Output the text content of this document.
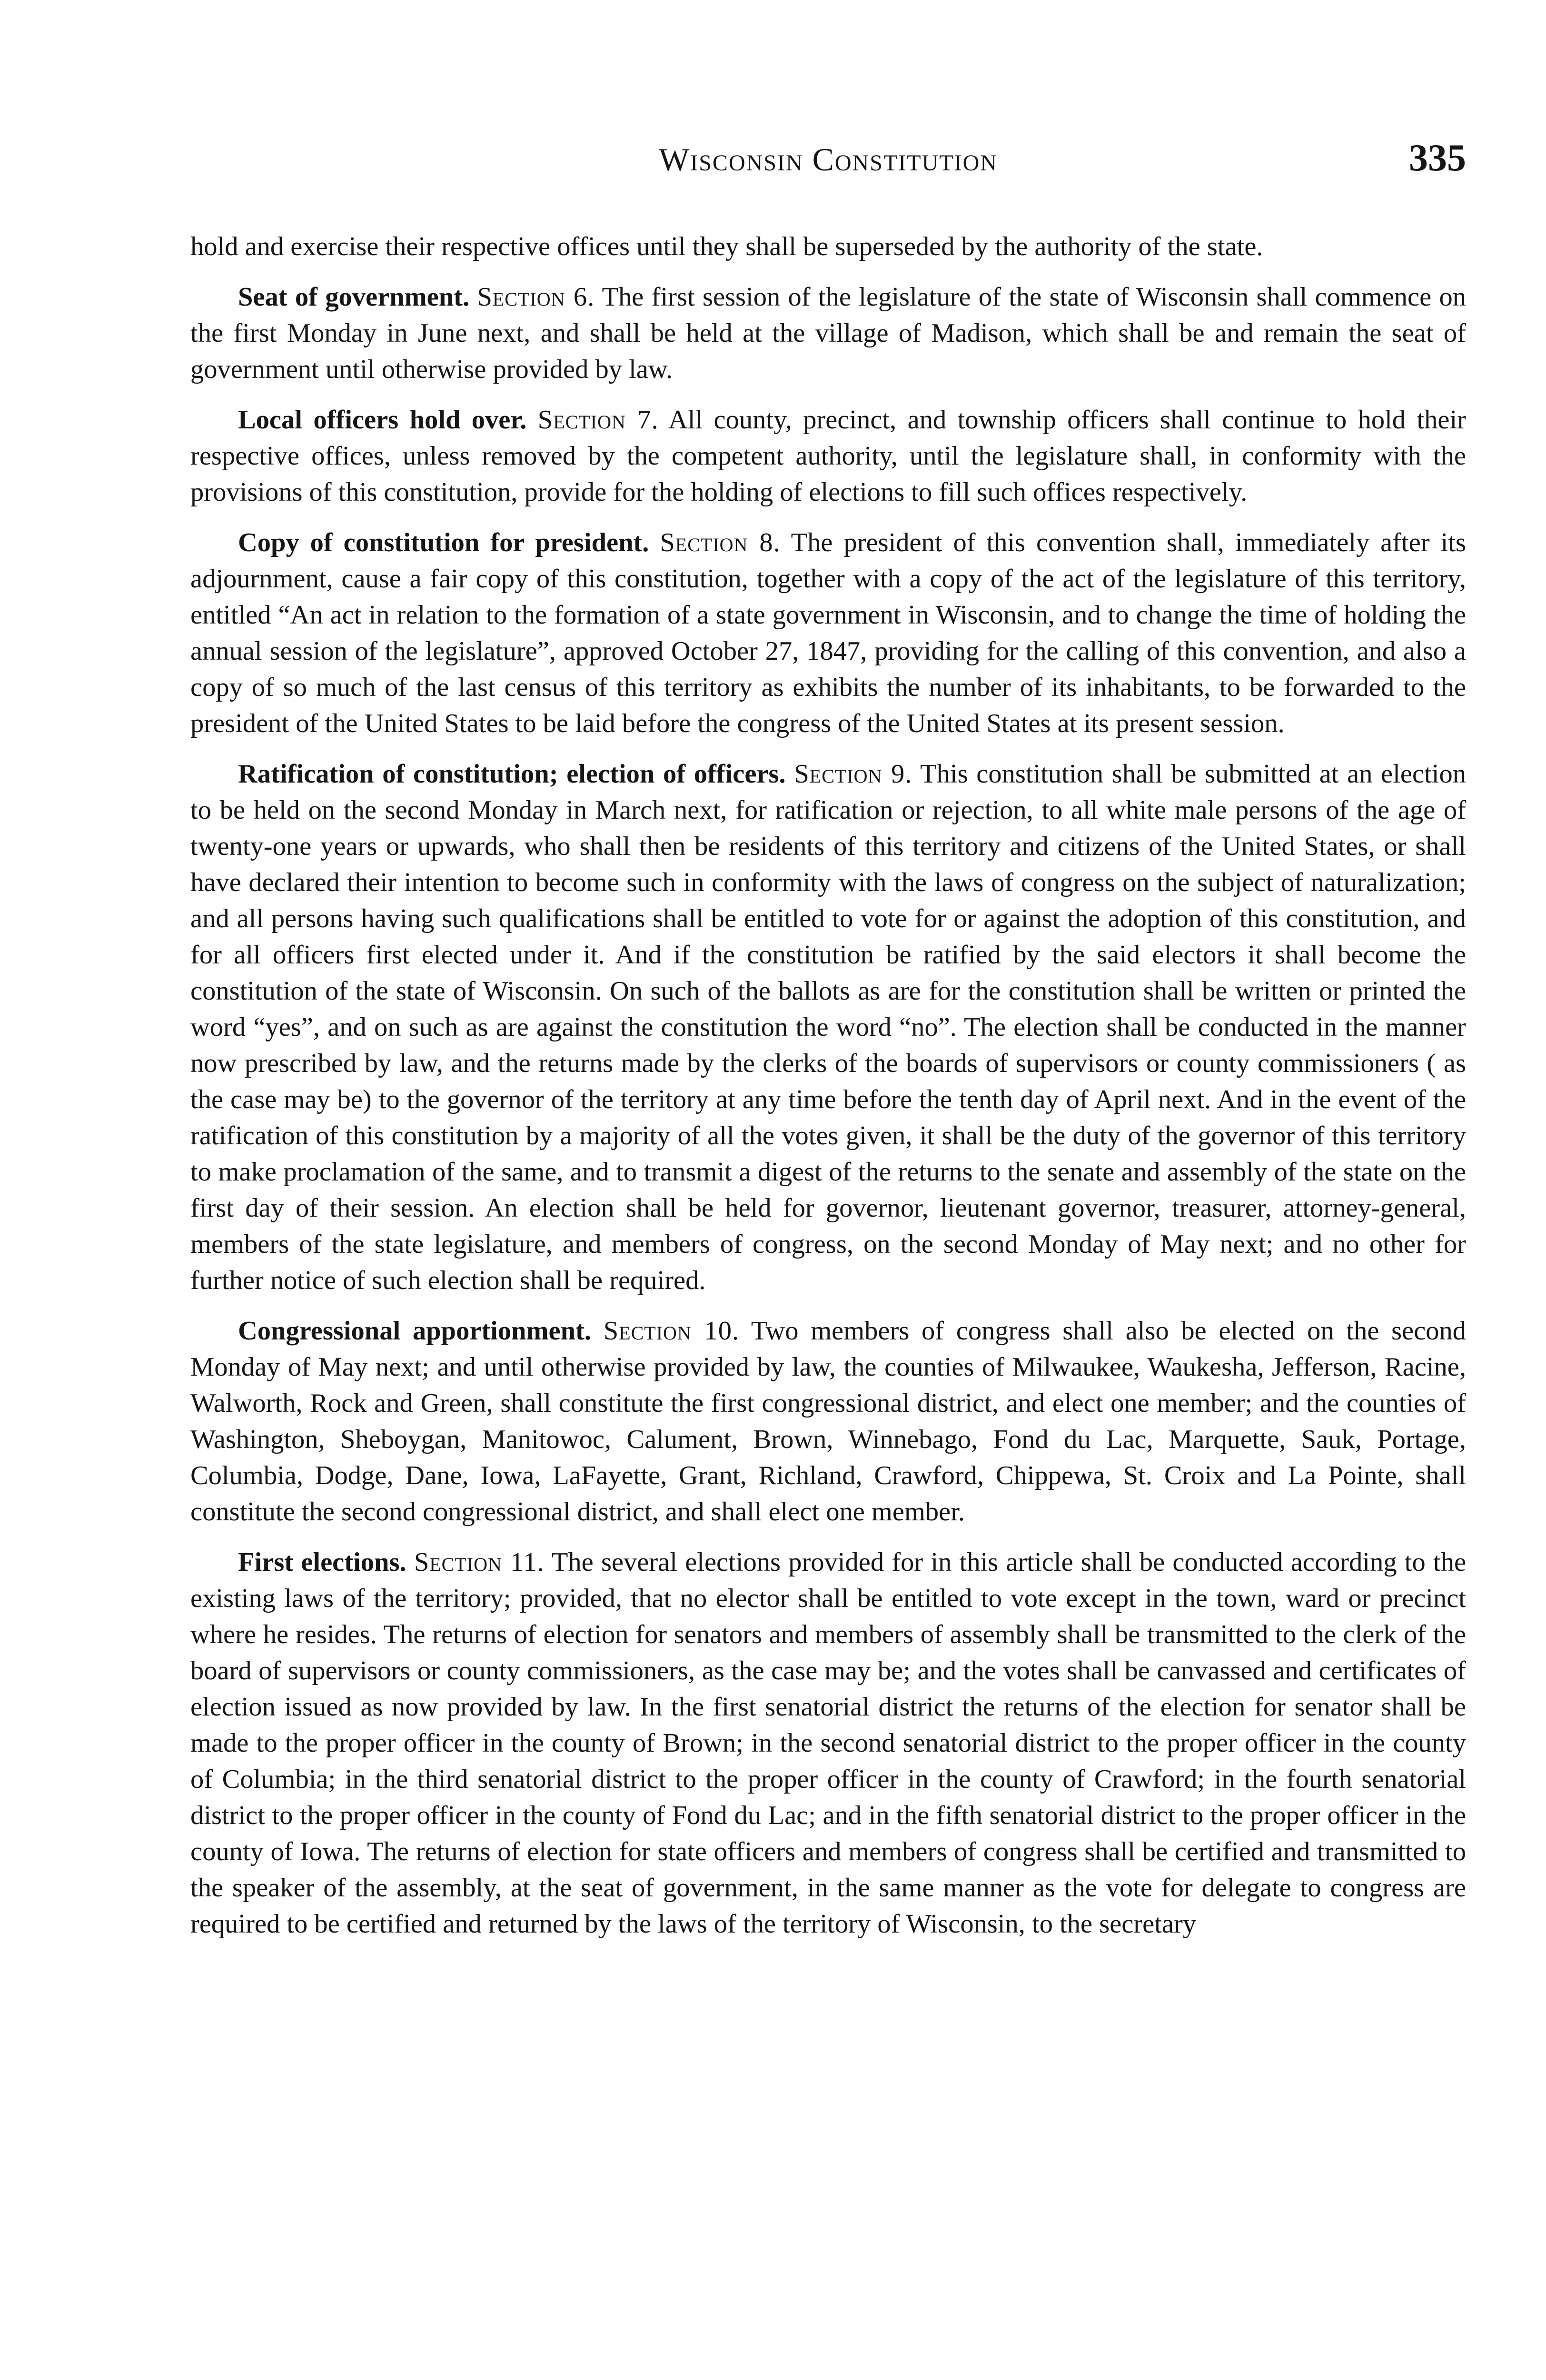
Wisconsin Constitution	335

hold and exercise their respective offices until they shall be superseded by the authority of the state.

Seat of government. Section 6. The first session of the legislature of the state of Wisconsin shall commence on the first Monday in June next, and shall be held at the village of Madison, which shall be and remain the seat of government until otherwise provided by law.

Local officers hold over. Section 7. All county, precinct, and township officers shall continue to hold their respective offices, unless removed by the competent authority, until the legislature shall, in conformity with the provisions of this constitution, provide for the holding of elections to fill such offices respectively.

Copy of constitution for president. Section 8. The president of this convention shall, immediately after its adjournment, cause a fair copy of this constitution, together with a copy of the act of the legislature of this territory, entitled “An act in relation to the formation of a state government in Wisconsin, and to change the time of holding the annual session of the legislature”, approved October 27, 1847, providing for the calling of this convention, and also a copy of so much of the last census of this territory as exhibits the number of its inhabitants, to be forwarded to the president of the United States to be laid before the congress of the United States at its present session.

Ratification of constitution; election of officers. Section 9. This constitution shall be submitted at an election to be held on the second Monday in March next, for ratification or rejection, to all white male persons of the age of twenty-one years or upwards, who shall then be residents of this territory and citizens of the United States, or shall have declared their intention to become such in conformity with the laws of congress on the subject of naturalization; and all persons having such qualifications shall be entitled to vote for or against the adoption of this constitution, and for all officers first elected under it. And if the constitution be ratified by the said electors it shall become the constitution of the state of Wisconsin. On such of the ballots as are for the constitution shall be written or printed the word “yes”, and on such as are against the constitution the word “no”. The election shall be conducted in the manner now prescribed by law, and the returns made by the clerks of the boards of supervisors or county commissioners ( as the case may be) to the governor of the territory at any time before the tenth day of April next. And in the event of the ratification of this constitution by a majority of all the votes given, it shall be the duty of the governor of this territory to make proclamation of the same, and to transmit a digest of the returns to the senate and assembly of the state on the first day of their session. An election shall be held for governor, lieutenant governor, treasurer, attorney-general, members of the state legislature, and members of congress, on the second Monday of May next; and no other for further notice of such election shall be required.

Congressional apportionment. Section 10. Two members of congress shall also be elected on the second Monday of May next; and until otherwise provided by law, the counties of Milwaukee, Waukesha, Jefferson, Racine, Walworth, Rock and Green, shall constitute the first congressional district, and elect one member; and the counties of Washington, Sheboygan, Manitowoc, Calument, Brown, Winnebago, Fond du Lac, Marquette, Sauk, Portage, Columbia, Dodge, Dane, Iowa, LaFayette, Grant, Richland, Crawford, Chippewa, St. Croix and La Pointe, shall constitute the second congressional district, and shall elect one member.

First elections. Section 11. The several elections provided for in this article shall be conducted according to the existing laws of the territory; provided, that no elector shall be entitled to vote except in the town, ward or precinct where he resides. The returns of election for senators and members of assembly shall be transmitted to the clerk of the board of supervisors or county commissioners, as the case may be; and the votes shall be canvassed and certificates of election issued as now provided by law. In the first senatorial district the returns of the election for senator shall be made to the proper officer in the county of Brown; in the second senatorial district to the proper officer in the county of Columbia; in the third senatorial district to the proper officer in the county of Crawford; in the fourth senatorial district to the proper officer in the county of Fond du Lac; and in the fifth senatorial district to the proper officer in the county of Iowa. The returns of election for state officers and members of congress shall be certified and transmitted to the speaker of the assembly, at the seat of government, in the same manner as the vote for delegate to congress are required to be certified and returned by the laws of the territory of Wisconsin, to the secretary
